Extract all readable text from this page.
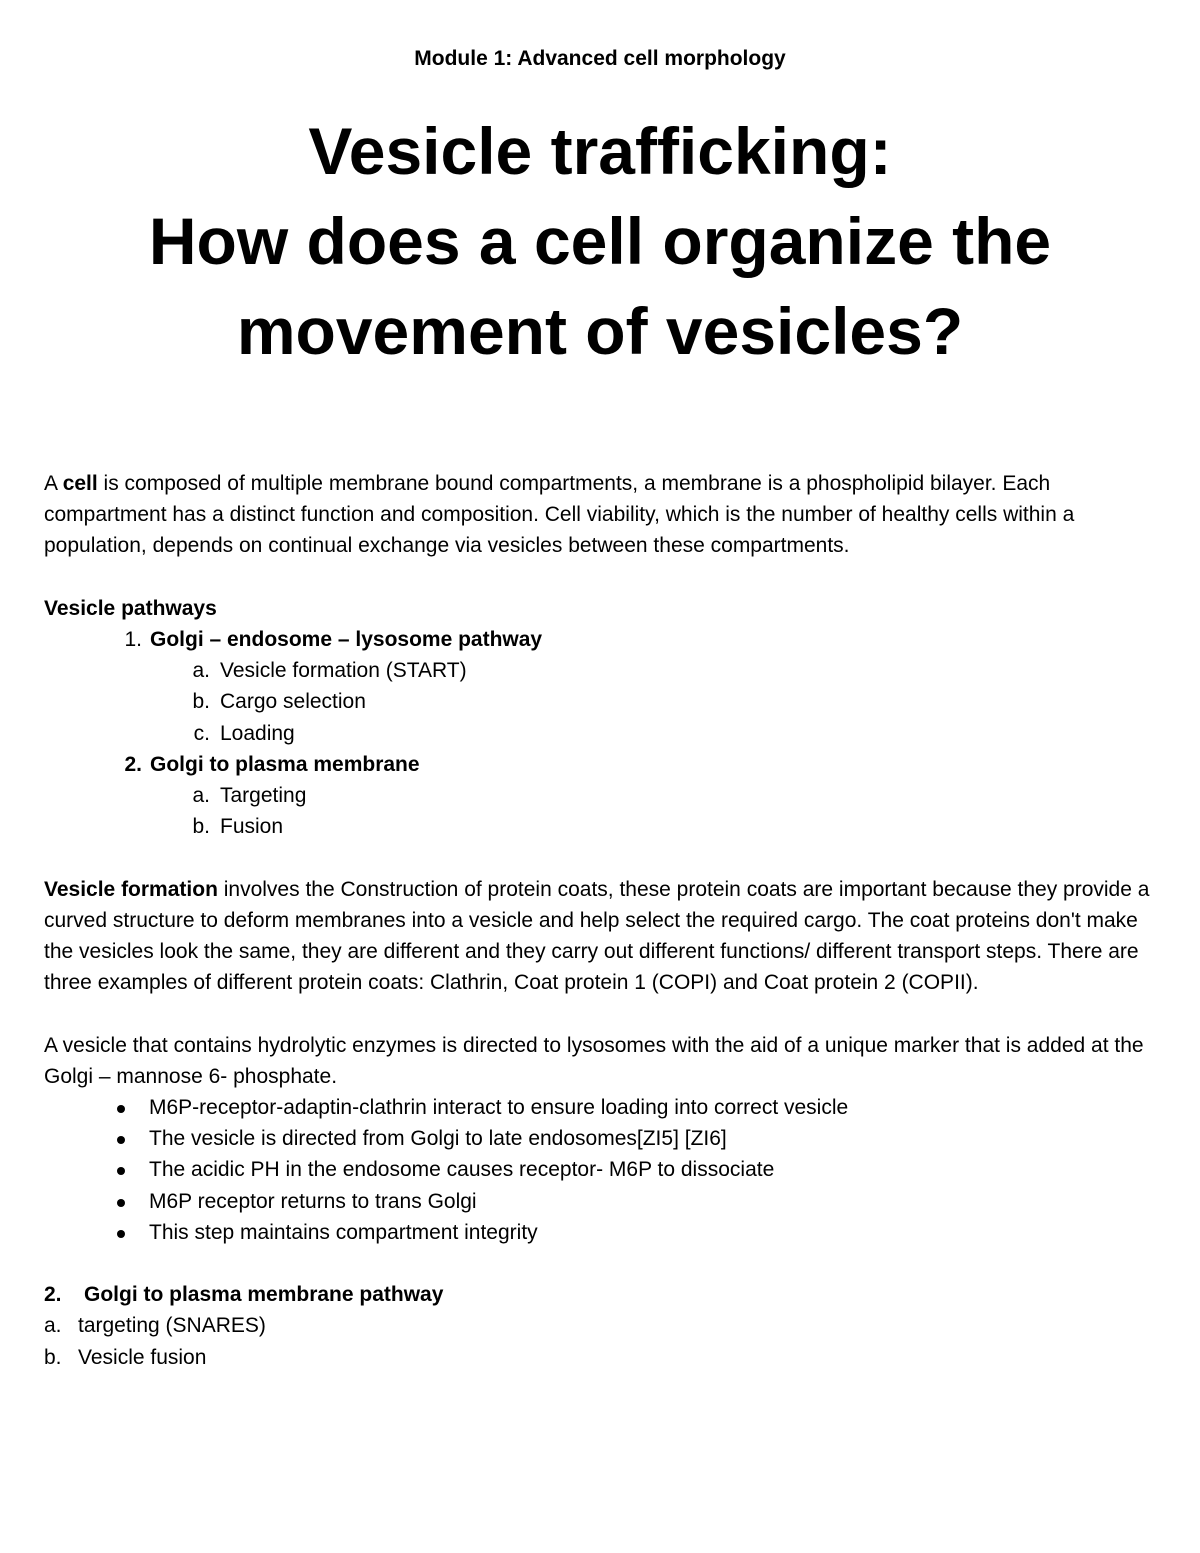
Module 1: Advanced cell morphology
Vesicle trafficking:
How does a cell organize the
movement of vesicles?

A cell is composed of multiple membrane bound compartments, a membrane is a phospholipid bilayer. Each compartment has a distinct function and composition. Cell viability, which is the number of healthy cells within a population, depends on continual exchange via vesicles between these compartments.

Vesicle pathways

1. Golgi – endosome – lysosome pathway
a. Vesicle formation (START)
b. Cargo selection
c. Loading
2. Golgi to plasma membrane
a. Targeting
b. Fusion

Vesicle formation involves the Construction of protein coats, these protein coats are important because they provide a curved structure to deform membranes into a vesicle and help select the required cargo. The coat proteins don't make the vesicles look the same, they are different and they carry out different functions/ different transport steps. There are three examples of different protein coats: Clathrin, Coat protein 1 (COPI) and Coat protein 2 (COPII).

A vesicle that contains hydrolytic enzymes is directed to lysosomes with the aid of a unique marker that is added at the Golgi – mannose 6- phosphate.

M6P-receptor-adaptin-clathrin interact to ensure loading into correct vesicle
The vesicle is directed from Golgi to late endosomes[ZI5] [ZI6]
The acidic PH in the endosome causes receptor- M6P to dissociate
M6P receptor returns to trans Golgi
This step maintains compartment integrity

2. Golgi to plasma membrane pathway

a. targeting (SNARES)

b. Vesicle fusion
